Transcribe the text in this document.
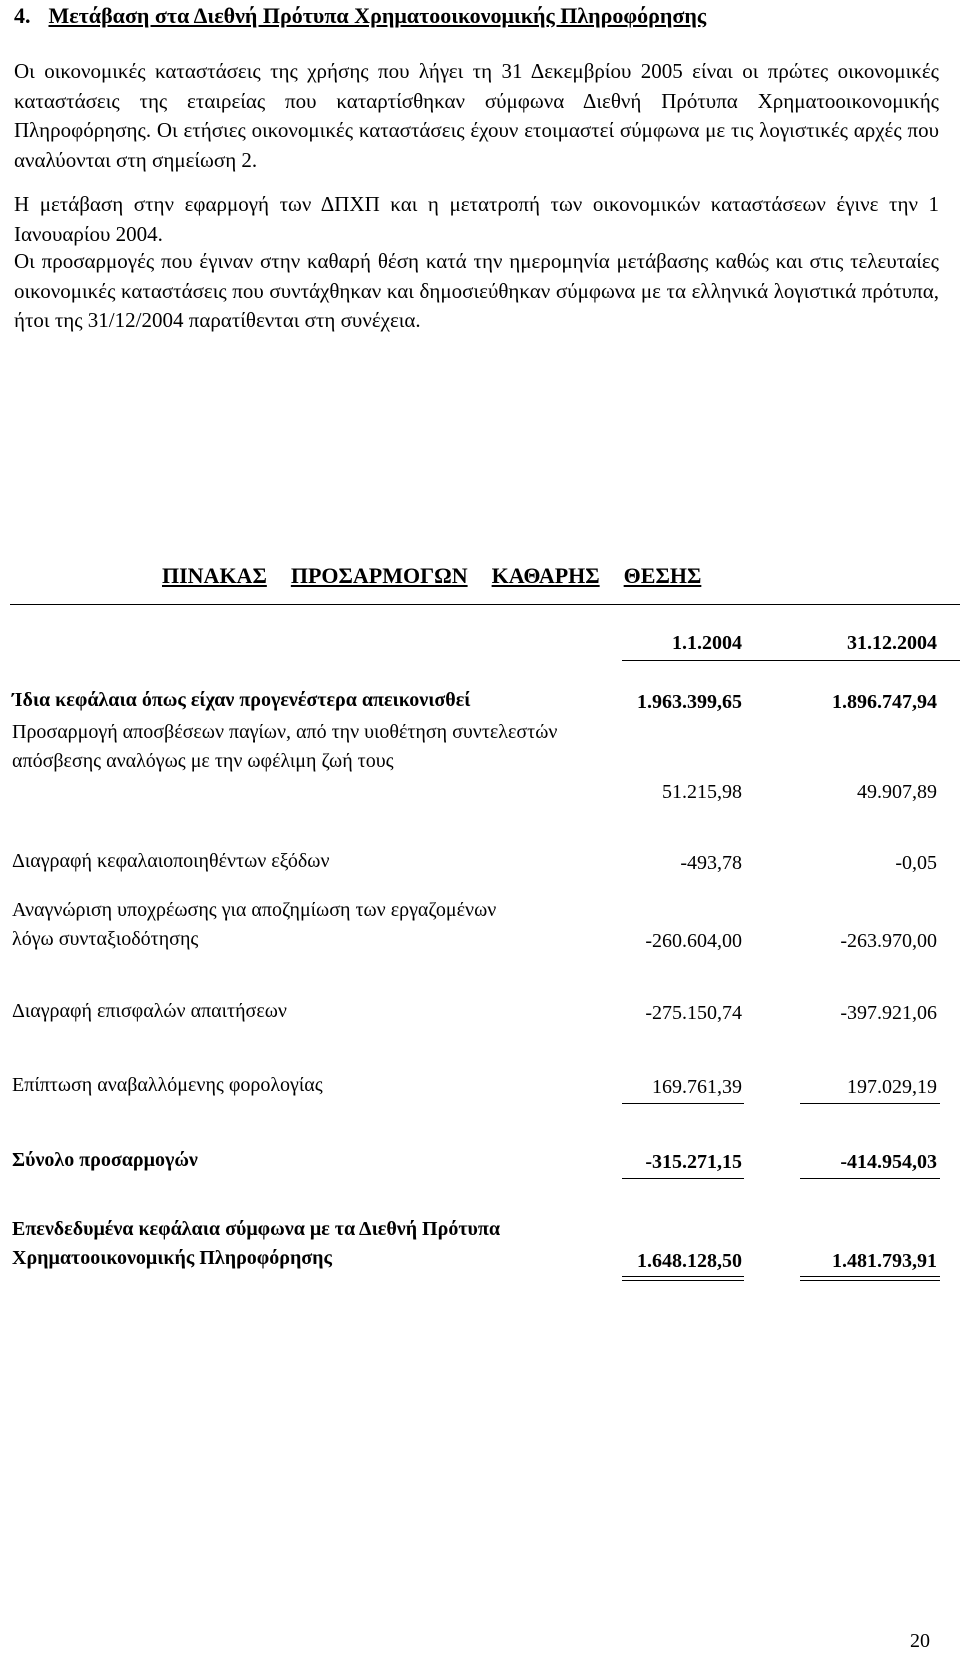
4. Μετάβαση στα Διεθνή Πρότυπα Χρηματοοικονομικής Πληροφόρησης

Οι οικονομικές καταστάσεις της χρήσης που λήγει τη 31 Δεκεμβρίου 2005 είναι οι πρώτες οικονομικές καταστάσεις της εταιρείας που καταρτίσθηκαν σύμφωνα Διεθνή Πρότυπα Χρηματοοικονομικής Πληροφόρησης. Οι ετήσιες οικονομικές καταστάσεις έχουν ετοιμαστεί σύμφωνα με τις λογιστικές αρχές που αναλύονται στη σημείωση 2.

Η μετάβαση στην εφαρμογή των ΔΠΧΠ και η μετατροπή των οικονομικών καταστάσεων έγινε την 1 Ιανουαρίου 2004.

Οι προσαρμογές που έγιναν στην καθαρή θέση κατά την ημερομηνία μετάβασης καθώς και στις τελευταίες οικονομικές καταστάσεις που συντάχθηκαν και δημοσιεύθηκαν σύμφωνα με τα ελληνικά λογιστικά πρότυπα, ήτοι της 31/12/2004 παρατίθενται στη συνέχεια.

ΠΙΝΑΚΑΣ ΠΡΟΣΑΡΜΟΓΩΝ ΚΑΘΑΡΗΣ ΘΕΣΗΣ
1.1.2004	31.12.2004

Ίδια κεφάλαια όπως είχαν προγενέστερα απεικονισθεί	1.963.399,65	1.896.747,94

Προσαρμογή αποσβέσεων παγίων, από την υιοθέτηση συντελεστών απόσβεσης αναλόγως με την ωφέλιμη ζωή τους

51.215,98	49.907,89

Διαγραφή κεφαλαιοποιηθέντων εξόδων	-493,78	-0,05

Αναγνώριση υποχρέωσης για αποζημίωση των εργαζομένων λόγω συνταξιοδότησης	-260.604,00	-263.970,00

Διαγραφή επισφαλών απαιτήσεων	-275.150,74	-397.921,06

Επίπτωση αναβαλλόμενης φορολογίας	169.761,39	197.029,19

Σύνολο προσαρμογών	-315.271,15	-414.954,03

Επενδεδυμένα κεφάλαια σύμφωνα με τα Διεθνή Πρότυπα Χρηματοοικονομικής Πληροφόρησης	1.648.128,50	1.481.793,91

20
